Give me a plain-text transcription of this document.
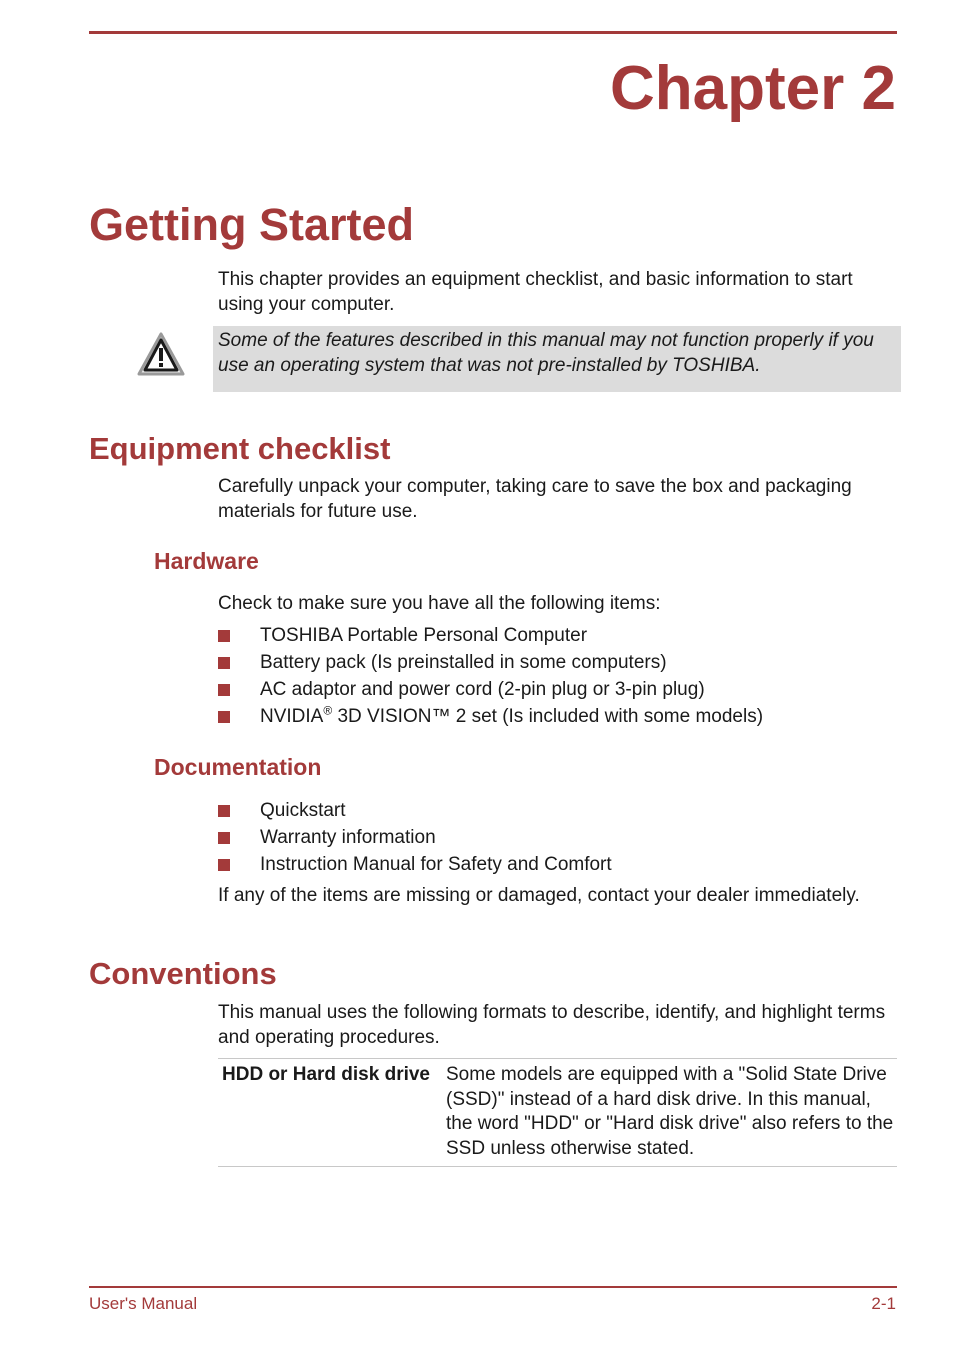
Chapter 2
Getting Started
This chapter provides an equipment checklist, and basic information to start using your computer.
Some of the features described in this manual may not function properly if you use an operating system that was not pre-installed by TOSHIBA.
Equipment checklist
Carefully unpack your computer, taking care to save the box and packaging materials for future use.
Hardware
Check to make sure you have all the following items:
TOSHIBA Portable Personal Computer
Battery pack (Is preinstalled in some computers)
AC adaptor and power cord (2-pin plug or 3-pin plug)
NVIDIA® 3D VISION™ 2 set (Is included with some models)
Documentation
Quickstart
Warranty information
Instruction Manual for Safety and Comfort
If any of the items are missing or damaged, contact your dealer immediately.
Conventions
This manual uses the following formats to describe, identify, and highlight terms and operating procedures.
HDD or Hard disk drive Some models are equipped with a "Solid State Drive (SSD)" instead of a hard disk drive. In this manual, the word "HDD" or "Hard disk drive" also refers to the SSD unless otherwise stated.
User's Manual	2-1
